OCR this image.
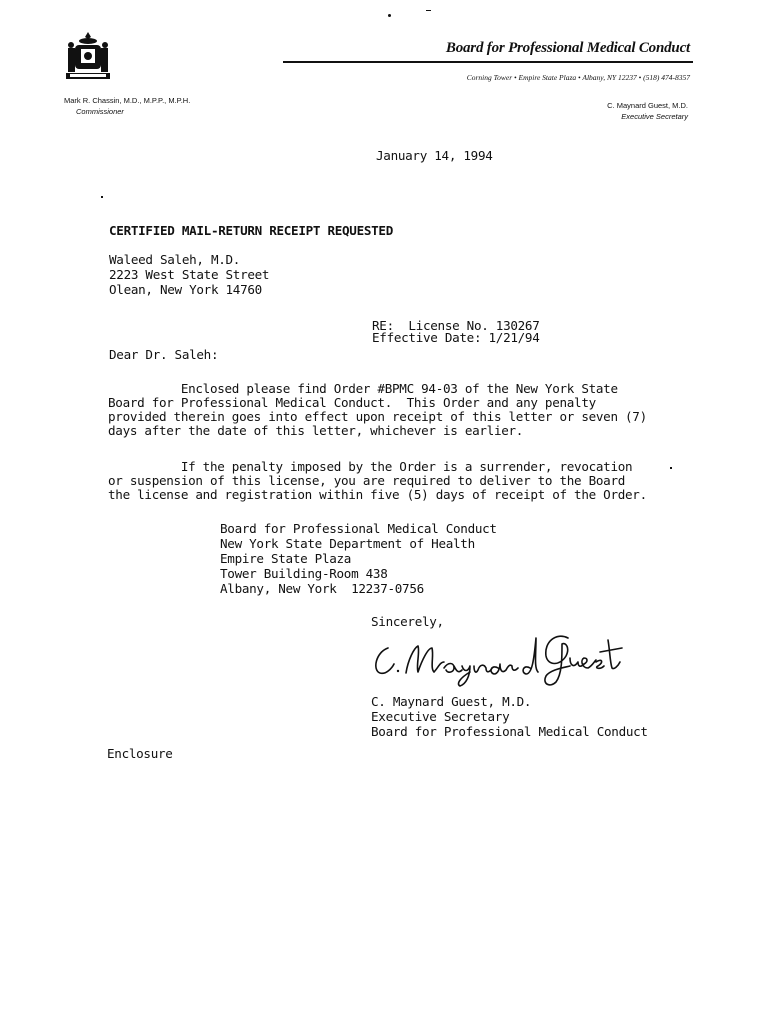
Board for Professional Medical Conduct
Corning Tower • Empire State Plaza • Albany, NY 12237 • (518) 474-8357
Mark R. Chassin, M.D., M.P.P., M.P.H.
Commissioner
C. Maynard Guest, M.D.
Executive Secretary
January 14, 1994
CERTIFIED MAIL-RETURN RECEIPT REQUESTED
Waleed Saleh, M.D.
2223 West State Street
Olean, New York 14760
RE:  License No. 130267
Effective Date: 1/21/94
Dear Dr. Saleh:
Enclosed please find Order #BPMC 94-03 of the New York State
Board for Professional Medical Conduct.  This Order and any penalty
provided therein goes into effect upon receipt of this letter or seven (7)
days after the date of this letter, whichever is earlier.
If the penalty imposed by the Order is a surrender, revocation
or suspension of this license, you are required to deliver to the Board
the license and registration within five (5) days of receipt of the Order.
Board for Professional Medical Conduct
New York State Department of Health
Empire State Plaza
Tower Building-Room 438
Albany, New York  12237-0756
Sincerely,
C. Maynard Guest, M.D.
Executive Secretary
Board for Professional Medical Conduct
Enclosure
